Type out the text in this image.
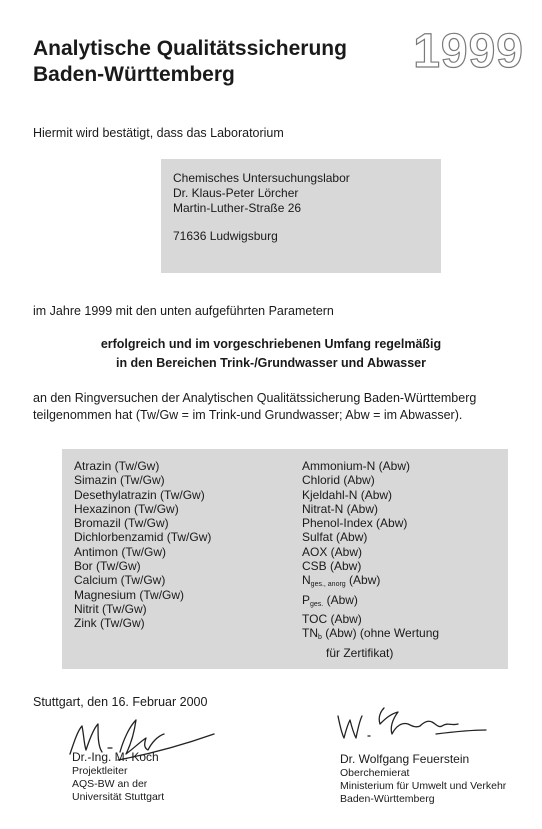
Analytische Qualitätssicherung
Baden-Württemberg	1999
Hiermit wird bestätigt, dass das Laboratorium
Chemisches Untersuchungslabor
Dr. Klaus-Peter Lörcher
Martin-Luther-Straße 26
71636 Ludwigsburg
im Jahre 1999 mit den unten aufgeführten Parametern
erfolgreich und im vorgeschriebenen Umfang regelmäßig
in den Bereichen Trink-/Grundwasser und Abwasser
an den Ringversuchen der Analytischen Qualitätssicherung Baden-Württemberg
teilgenommen hat (Tw/Gw = im Trink-und Grundwasser; Abw = im Abwasser).
Atrazin (Tw/Gw)
Simazin (Tw/Gw)
Desethylatrazin (Tw/Gw)
Hexazinon (Tw/Gw)
Bromazil (Tw/Gw)
Dichlorbenzamid (Tw/Gw)
Antimon (Tw/Gw)
Bor (Tw/Gw)
Calcium (Tw/Gw)
Magnesium (Tw/Gw)
Nitrit (Tw/Gw)
Zink (Tw/Gw)
Ammonium-N (Abw)
Chlorid (Abw)
Kjeldahl-N (Abw)
Nitrat-N (Abw)
Phenol-Index (Abw)
Sulfat (Abw)
AOX (Abw)
CSB (Abw)
$N_{ges., anorg}$ (Abw)
$P_{ges.}$ (Abw)
TOC (Abw)
$TN_b$ (Abw) (ohne Wertung
für Zertifikat)
Stuttgart, den 16. Februar 2000
Dr.-Ing. M. Koch
Projektleiter
AQS-BW an der
Universität Stuttgart
Dr. Wolfgang Feuerstein
Oberchemierat
Ministerium für Umwelt und Verkehr
Baden-Württemberg
